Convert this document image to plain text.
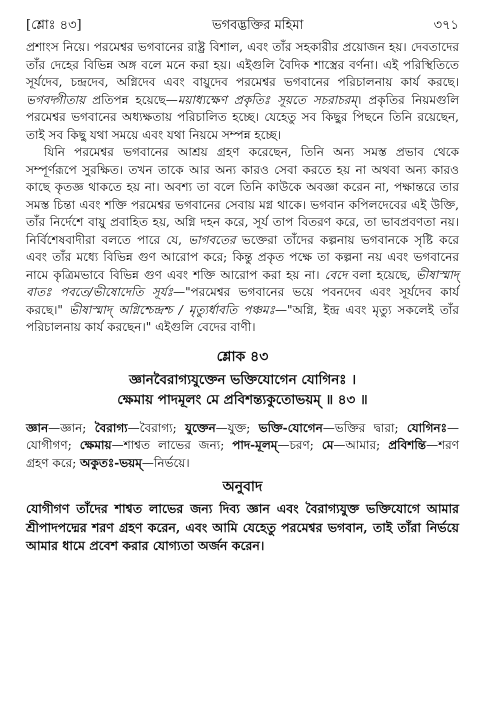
[শ্লোঃ ৪৩]	ভগবদ্ভক্তির মহিমা	৩৭১

প্রশাংস নিয়ে। পরমেশ্বর ভগবানের রাষ্ট্র বিশাল, এবং তাঁর সহকারীর প্রয়োজন হয়। দেবতাদের তাঁর দেহের বিভিন্ন অঙ্গ বলে মনে করা হয়। এইগুলি বৈদিক শাস্ত্রের বর্ণনা। এই পরিস্থিতিতে সূর্যদেব, চন্দ্রদেব, অগ্নিদেব এবং বায়ুদেব পরমেশ্বর ভগবানের পরিচালনায় কার্য করছে। ভগবদ্গীতায় প্রতিপন্ন হয়েছে—ময়াধ্যক্ষেণ প্রকৃতিঃ সূয়তে সচরাচরম্। প্রকৃতির নিয়মগুলি পরমেশ্বর ভগবানের অধ্যক্ষতায় পরিচালিত হচ্ছে। যেহেতু সব কিছুর পিছনে তিনি রয়েছেন, তাই সব কিছু যথা সময়ে এবং যথা নিয়মে সম্পন্ন হচ্ছে।

যিনি পরমেশ্বর ভগবানের আশ্রয় গ্রহণ করেছেন, তিনি অন্য সমস্ত প্রভাব থেকে সম্পূর্ণরূপে সুরক্ষিত। তখন তাকে আর অন্য কারও সেবা করতে হয় না অথবা অন্য কারও কাছে কৃতজ্ঞ থাকতে হয় না। অবশ্য তা বলে তিনি কাউকে অবজ্ঞা করেন না, পক্ষান্তরে তার সমস্ত চিন্তা এবং শক্তি পরমেশ্বর ভগবানের সেবায় মগ্ন থাকে। ভগবান কপিলদেবের এই উক্তি, তাঁর নির্দেশে বায়ু প্রবাহিত হয়, অগ্নি দহন করে, সূর্য তাপ বিতরণ করে, তা ভাবপ্রবণতা নয়। নির্বিশেষবাদীরা বলতে পারে যে, ভাগবতের ভক্তেরা তাঁদের কল্পনায় ভগবানকে সৃষ্টি করে এবং তাঁর মধ্যে বিভিন্ন গুণ আরোপ করে; কিন্তু প্রকৃত পক্ষে তা কল্পনা নয় এবং ভগবানের নামে কৃত্রিমভাবে বিভিন্ন গুণ এবং শক্তি আরোপ করা হয় না। বেদে বলা হয়েছে, ভীষাস্মাদ্ বাতঃ পবতে/ভীষোদেতি সূর্যঃ—"পরমেশ্বর ভগবানের ভয়ে পবনদেব এবং সূর্যদেব কার্য করছে।" ভীষাস্মাদ্ অগ্নিশ্চেন্দ্রশ্চ / মৃত্যুর্ধাবতি পঞ্চমঃ—"অগ্নি, ইন্দ্র এবং মৃত্যু সকলেই তাঁর পরিচালনায় কার্য করছেন।" এইগুলি বেদের বাণী।

শ্লোক ৪৩

জ্ঞানবৈরাগ্যযুক্তেন ভক্তিযোগেন যোগিনঃ ।

ক্ষেমায় পাদমূলং মে প্রবিশন্ত্যকুতোভয়ম্ ॥ ৪৩ ॥

জ্ঞান—জ্ঞান; বৈরাগ্য—বৈরাগ্য; যুক্তেন—যুক্ত; ভক্তি-যোগেন—ভক্তির দ্বারা; যোগিনঃ—যোগীগণ; ক্ষেমায়—শাশ্বত লাভের জন্য; পাদ-মূলম্—চরণ; মে—আমার; প্রবিশন্তি—শরণ গ্রহণ করে; অকুতঃ-ভয়ম্—নির্ভয়ে।
অনুবাদ

যোগীগণ তাঁদের শাশ্বত লাভের জন্য দিব্য জ্ঞান এবং বৈরাগ্যযুক্ত ভক্তিযোগে আমার শ্রীপাদপদ্মের শরণ গ্রহণ করেন, এবং আমি যেহেতু পরমেশ্বর ভগবান, তাই তাঁরা নির্ভয়ে আমার ধামে প্রবেশ করার যোগ্যতা অর্জন করেন।
